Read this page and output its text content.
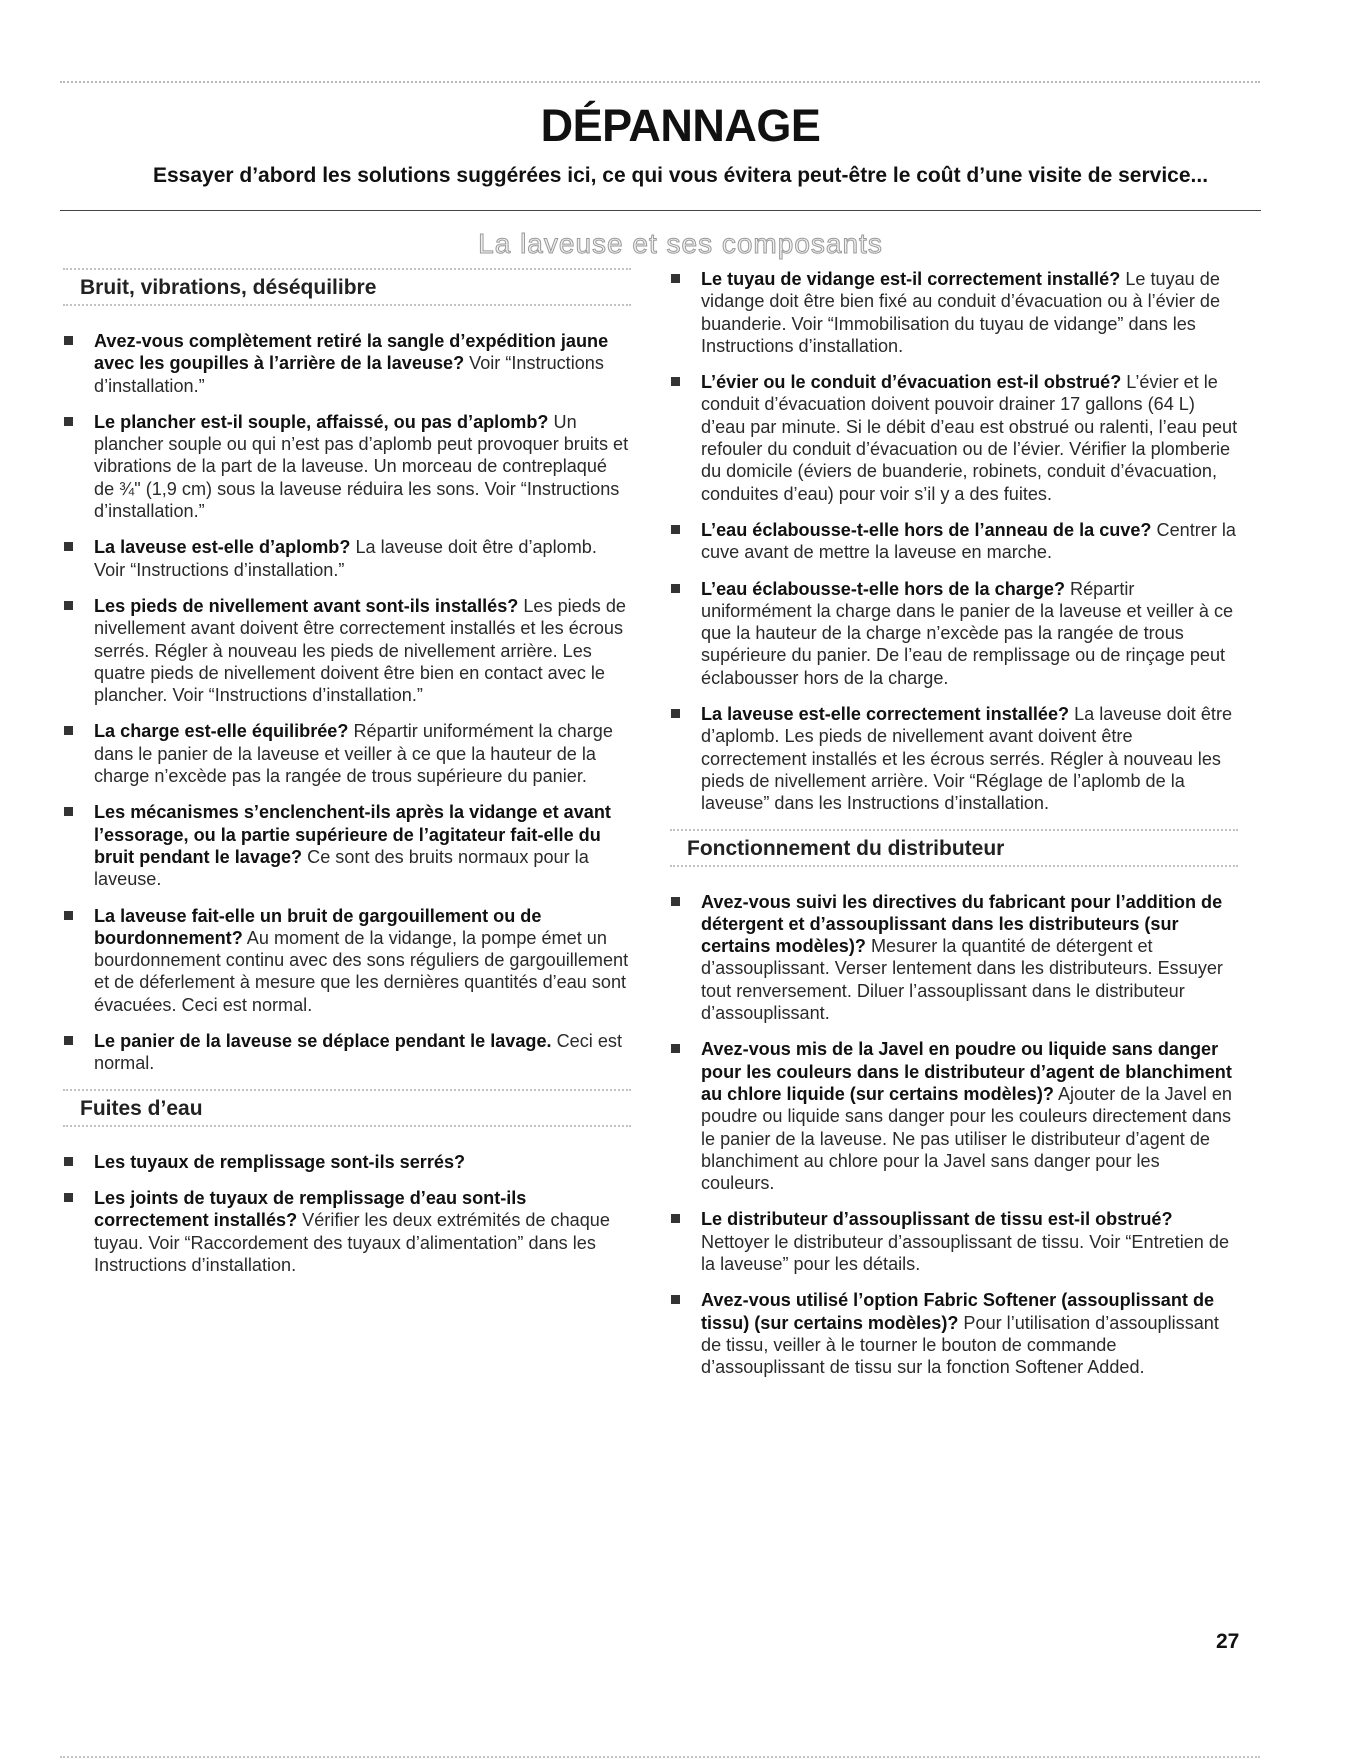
DÉPANNAGE
Essayer d’abord les solutions suggérées ici, ce qui vous évitera peut-être le coût d’une visite de service...
La laveuse et ses composants
Bruit, vibrations, déséquilibre
Avez-vous complètement retiré la sangle d’expédition jaune avec les goupilles à l’arrière de la laveuse? Voir “Instructions d’installation.”
Le plancher est-il souple, affaissé, ou pas d’aplomb? Un plancher souple ou qui n’est pas d’aplomb peut provoquer bruits et vibrations de la part de la laveuse. Un morceau de contreplaqué de ¾" (1,9 cm) sous la laveuse réduira les sons. Voir “Instructions d’installation.”
La laveuse est-elle d’aplomb? La laveuse doit être d’aplomb. Voir “Instructions d’installation.”
Les pieds de nivellement avant sont-ils installés? Les pieds de nivellement avant doivent être correctement installés et les écrous serrés. Régler à nouveau les pieds de nivellement arrière. Les quatre pieds de nivellement doivent être bien en contact avec le plancher. Voir “Instructions d’installation.”
La charge est-elle équilibrée? Répartir uniformément la charge dans le panier de la laveuse et veiller à ce que la hauteur de la charge n’excède pas la rangée de trous supérieure du panier.
Les mécanismes s’enclenchent-ils après la vidange et avant l’essorage, ou la partie supérieure de l’agitateur fait-elle du bruit pendant le lavage? Ce sont des bruits normaux pour la laveuse.
La laveuse fait-elle un bruit de gargouillement ou de bourdonnement? Au moment de la vidange, la pompe émet un bourdonnement continu avec des sons réguliers de gargouillement et de déferlement à mesure que les dernières quantités d’eau sont évacuées. Ceci est normal.
Le panier de la laveuse se déplace pendant le lavage. Ceci est normal.
Fuites d’eau
Les tuyaux de remplissage sont-ils serrés?
Les joints de tuyaux de remplissage d’eau sont-ils correctement installés? Vérifier les deux extrémités de chaque tuyau. Voir “Raccordement des tuyaux d’alimentation” dans les Instructions d’installation.
Le tuyau de vidange est-il correctement installé? Le tuyau de vidange doit être bien fixé au conduit d’évacuation ou à l’évier de buanderie. Voir “Immobilisation du tuyau de vidange” dans les Instructions d’installation.
L’évier ou le conduit d’évacuation est-il obstrué? L’évier et le conduit d’évacuation doivent pouvoir drainer 17 gallons (64 L) d’eau par minute. Si le débit d’eau est obstrué ou ralenti, l’eau peut refouler du conduit d’évacuation ou de l’évier. Vérifier la plomberie du domicile (éviers de buanderie, robinets, conduit d’évacuation, conduites d’eau) pour voir s’il y a des fuites.
L’eau éclabousse-t-elle hors de l’anneau de la cuve? Centrer la cuve avant de mettre la laveuse en marche.
L’eau éclabousse-t-elle hors de la charge? Répartir uniformément la charge dans le panier de la laveuse et veiller à ce que la hauteur de la charge n’excède pas la rangée de trous supérieure du panier. De l’eau de remplissage ou de rinçage peut éclabousser hors de la charge.
La laveuse est-elle correctement installée? La laveuse doit être d’aplomb. Les pieds de nivellement avant doivent être correctement installés et les écrous serrés. Régler à nouveau les pieds de nivellement arrière. Voir “Réglage de l’aplomb de la laveuse” dans les Instructions d’installation.
Fonctionnement du distributeur
Avez-vous suivi les directives du fabricant pour l’addition de détergent et d’assouplissant dans les distributeurs (sur certains modèles)? Mesurer la quantité de détergent et d’assouplissant. Verser lentement dans les distributeurs. Essuyer tout renversement. Diluer l’assouplissant dans le distributeur d’assouplissant.
Avez-vous mis de la Javel en poudre ou liquide sans danger pour les couleurs dans le distributeur d’agent de blanchiment au chlore liquide (sur certains modèles)? Ajouter de la Javel en poudre ou liquide sans danger pour les couleurs directement dans le panier de la laveuse. Ne pas utiliser le distributeur d’agent de blanchiment au chlore pour la Javel sans danger pour les couleurs.
Le distributeur d’assouplissant de tissu est-il obstrué? Nettoyer le distributeur d’assouplissant de tissu. Voir “Entretien de la laveuse” pour les détails.
Avez-vous utilisé l’option Fabric Softener (assouplissant de tissu) (sur certains modèles)? Pour l’utilisation d’assouplissant de tissu, veiller à le tourner le bouton de commande d’assouplissant de tissu sur la fonction Softener Added.
27
